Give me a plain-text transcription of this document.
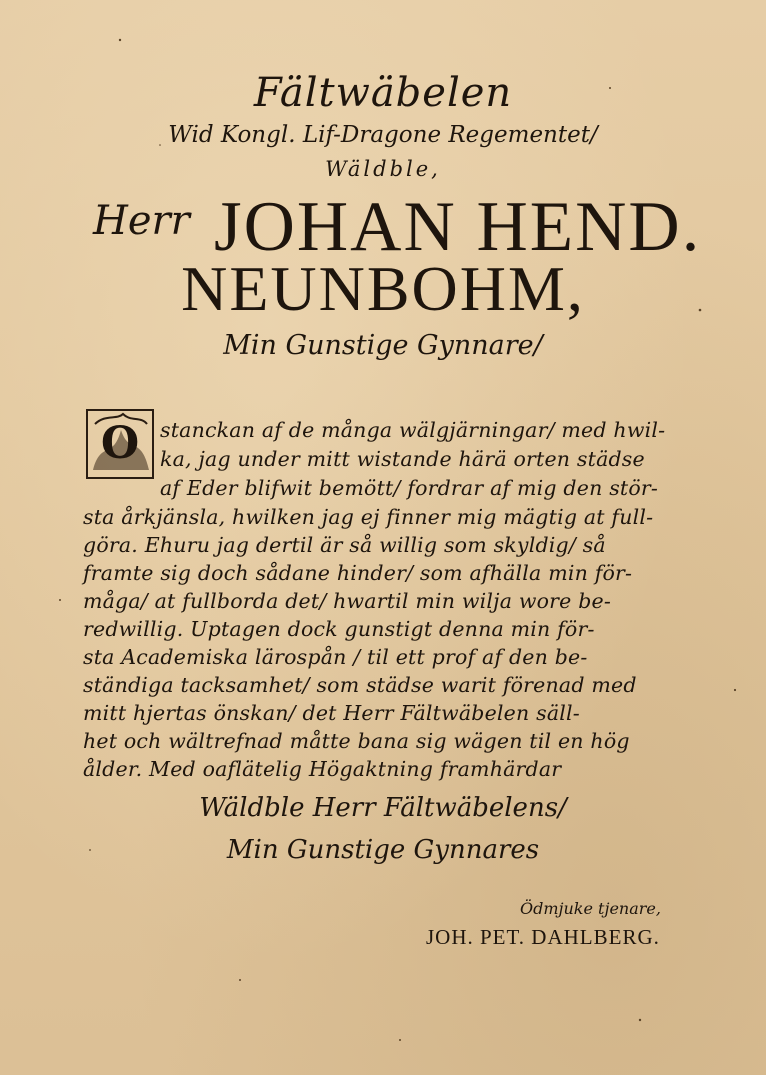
Fältwäbelen
Wid Kongl. Lif-Dragone Regementet/
Wäldble,
Herr JOHAN HEND.
NEUNBOHM,
Min Gunstige Gynnare/
O stanckan af de många wälgjärningar/ med hwil-
ka, jag under mitt wistande härä orten städse
af Eder blifwit bemött/ fordrar af mig den stör-
sta årkjänsla, hwilken jag ej finner mig mägtig at full-
göra. Ehuru jag dertil är så willig som skyldig/ så
framte sig doch sådane hinder/ som afhälla min för-
måga/ at fullborda det/ hwartil min wilja wore be-
redwillig. Uptagen dock gunstigt denna min för-
sta Academiska lärospån / til ett prof af den be-
ständiga tacksamhet/ som städse warit förenad med
mitt hjertas önskan/ det Herr Fältwäbelen säll-
het och wältrefnad måtte bana sig wägen til en hög
ålder. Med oaflätelig Högaktning framhärdar
Wäldble Herr Fältwäbelens/
Min Gunstige Gynnares
Ödmjuke tjenare,
JOH. PET. DAHLBERG.
